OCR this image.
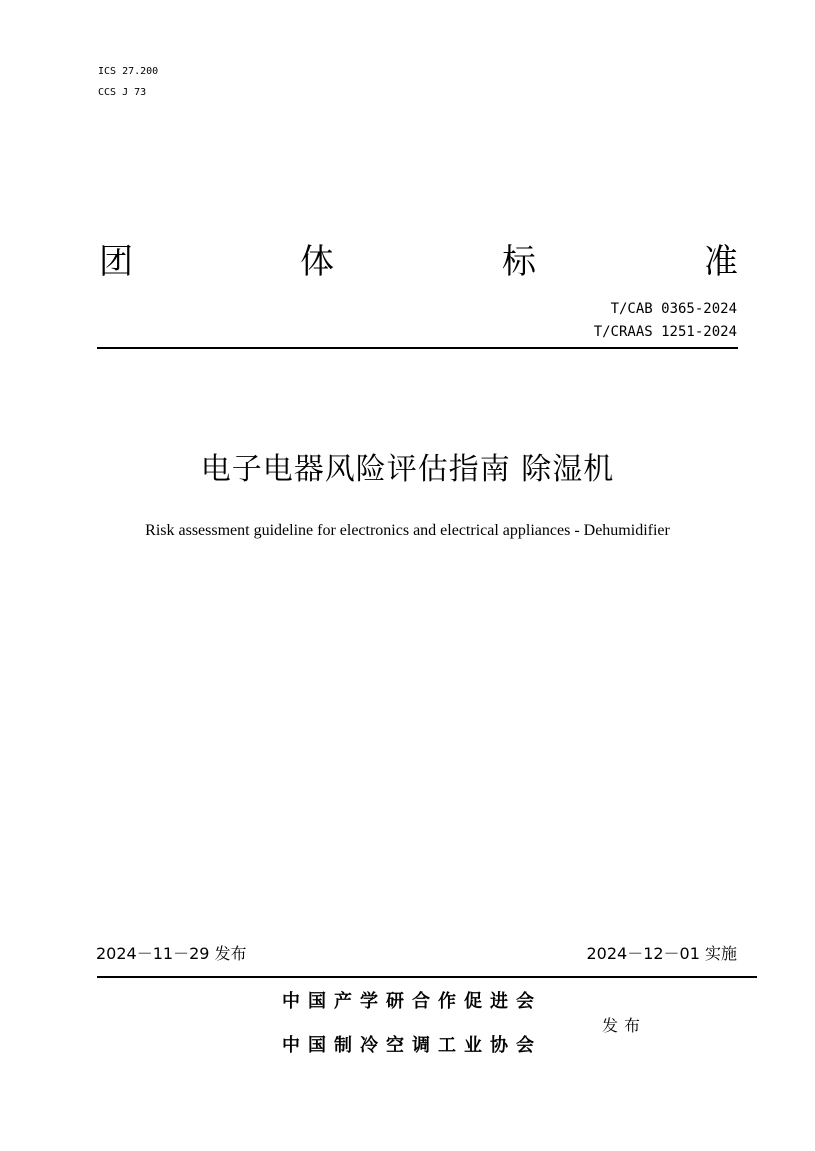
ICS 27.200
CCS J 73
团	体	标	准
T/CAB 0365-2024
T/CRAAS 1251-2024
电子电器风险评估指南 除湿机
Risk assessment guideline for electronics and electrical appliances - Dehumidifier
2024－11－29 发布	2024－12－01 实施
中国产学研合作促进会
中国制冷空调工业协会
发布
